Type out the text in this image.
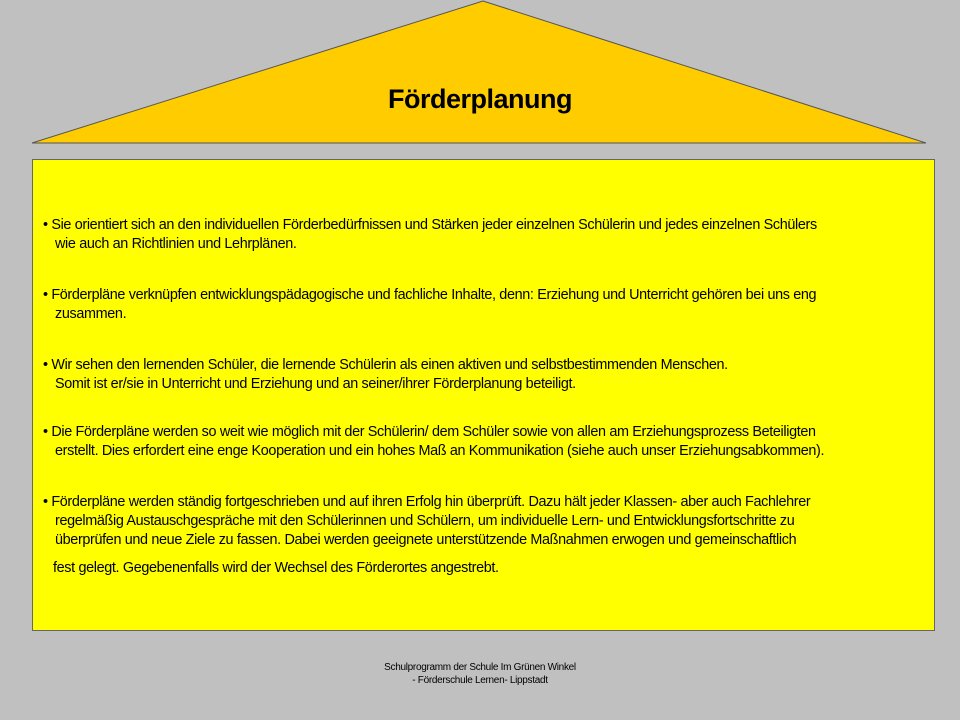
Förderplanung
• Sie orientiert sich an den individuellen Förderbedürfnissen und Stärken jeder einzelnen Schülerin und jedes einzelnen Schülers
wie auch an Richtlinien und Lehrplänen.
• Förderpläne verknüpfen entwicklungspädagogische und fachliche Inhalte, denn: Erziehung und Unterricht gehören bei uns eng
zusammen.
• Wir sehen den lernenden Schüler, die lernende Schülerin als einen aktiven und selbstbestimmenden Menschen.
Somit ist er/sie in Unterricht und Erziehung und an seiner/ihrer Förderplanung beteiligt.
• Die Förderpläne werden so weit wie möglich mit der Schülerin/ dem Schüler sowie von allen am Erziehungsprozess Beteiligten
erstellt. Dies erfordert eine enge Kooperation und ein hohes Maß an Kommunikation (siehe auch unser Erziehungsabkommen).
• Förderpläne werden ständig fortgeschrieben und auf ihren Erfolg hin überprüft. Dazu hält jeder Klassen- aber auch Fachlehrer
regelmäßig Austauschgespräche mit den Schülerinnen und Schülern, um individuelle Lern- und Entwicklungsfortschritte zu
überprüfen und neue Ziele zu fassen. Dabei werden geeignete unterstützende Maßnahmen erwogen und gemeinschaftlich
fest gelegt. Gegebenenfalls wird der Wechsel des Förderortes angestrebt.
Schulprogramm der Schule Im Grünen Winkel
- Förderschule Lernen- Lippstadt
